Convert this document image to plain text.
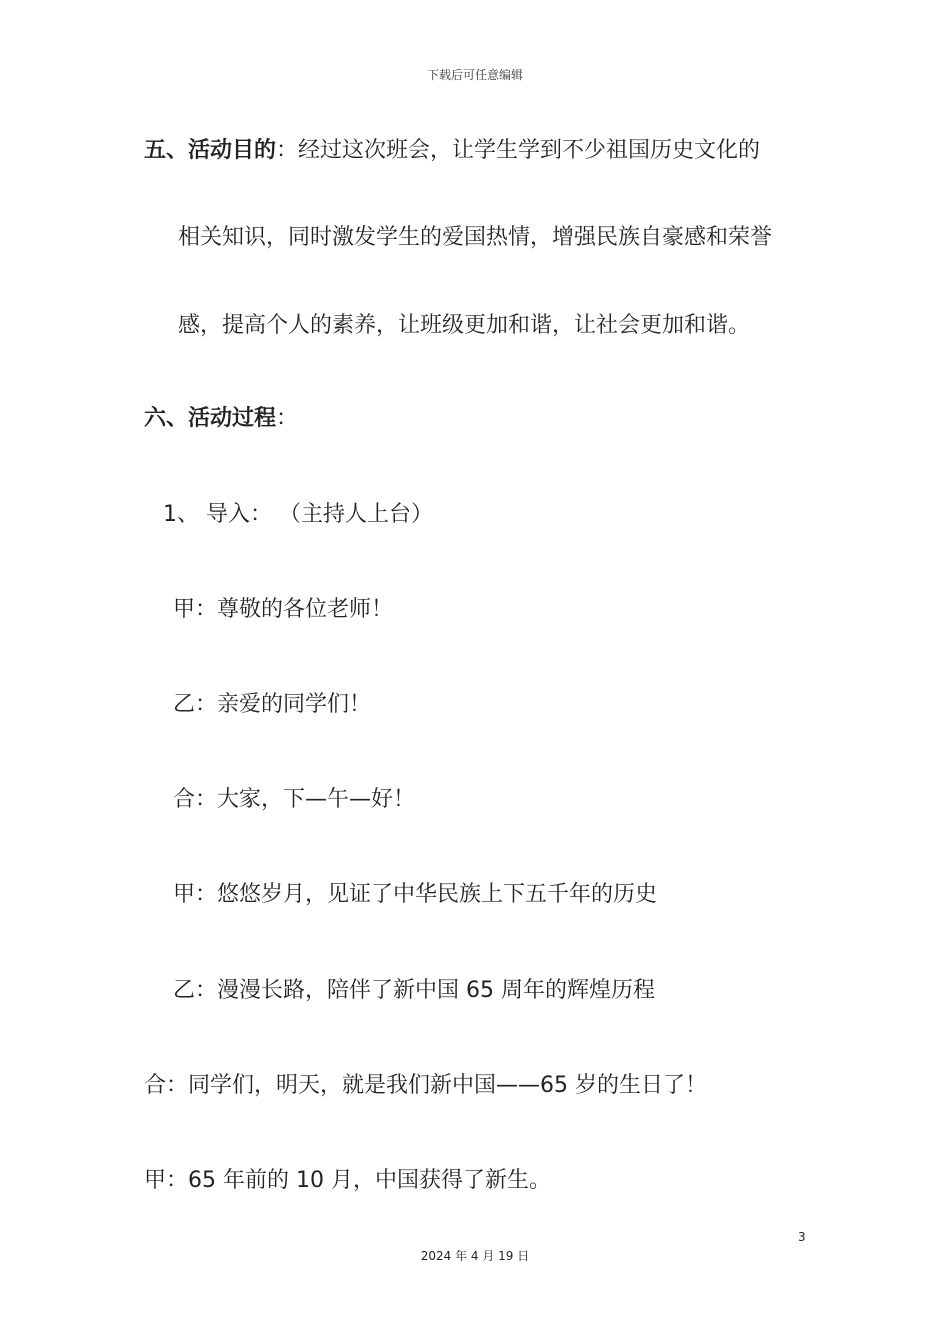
下载后可任意编辑
五、活动目的：经过这次班会，让学生学到不少祖国历史文化的
相关知识，同时激发学生的爱国热情，增强民族自豪感和荣誉
感，提高个人的素养，让班级更加和谐，让社会更加和谐。
六、活动过程：
1、 导入： （主持人上台）
甲：尊敬的各位老师！
乙：亲爱的同学们！
合：大家，下—午—好！
甲：悠悠岁月，见证了中华民族上下五千年的历史
乙：漫漫长路，陪伴了新中国 65 周年的辉煌历程
合：同学们，明天，就是我们新中国——65 岁的生日了！
甲：65 年前的 10 月，中国获得了新生。
3
2024 年 4 月 19 日
